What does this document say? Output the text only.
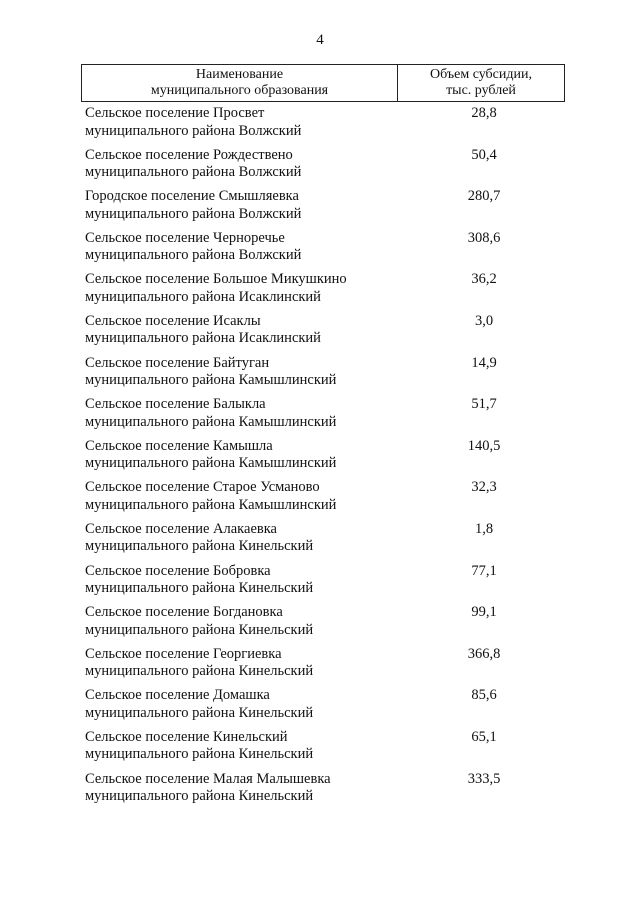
4
Наименование
муниципального образования
Объем субсидии,
тыс. рублей
Сельское поселение Просвет
муниципального района Волжский
28,8
Сельское поселение Рождествено
муниципального района Волжский
50,4
Городское поселение Смышляевка
муниципального района Волжский
280,7
Сельское поселение Черноречье
муниципального района Волжский
308,6
Сельское поселение Большое Микушкино
муниципального района Исаклинский
36,2
Сельское поселение Исаклы
муниципального района Исаклинский
3,0
Сельское поселение Байтуган
муниципального района Камышлинский
14,9
Сельское поселение Балыкла
муниципального района Камышлинский
51,7
Сельское поселение Камышла
муниципального района Камышлинский
140,5
Сельское поселение Старое Усманово
муниципального района Камышлинский
32,3
Сельское поселение Алакаевка
муниципального района Кинельский
1,8
Сельское поселение Бобровка
муниципального района Кинельский
77,1
Сельское поселение Богдановка
муниципального района Кинельский
99,1
Сельское поселение Георгиевка
муниципального района Кинельский
366,8
Сельское поселение Домашка
муниципального района Кинельский
85,6
Сельское поселение Кинельский
муниципального района Кинельский
65,1
Сельское поселение Малая Малышевка
муниципального района Кинельский
333,5
